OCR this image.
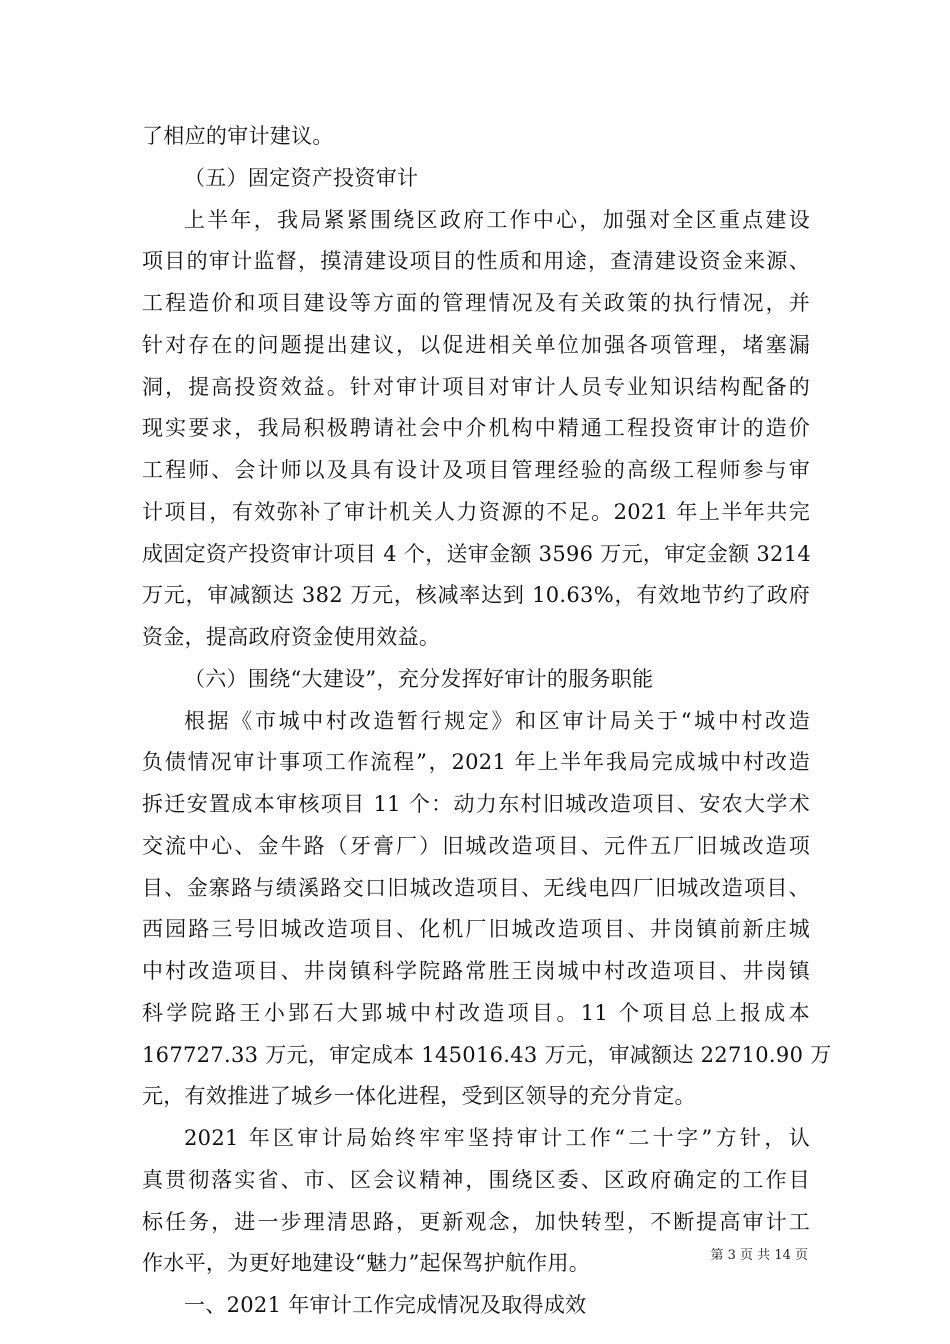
了相应的审计建议。
（五）固定资产投资审计
上半年，我局紧紧围绕区政府工作中心，加强对全区重点建设
项目的审计监督，摸清建设项目的性质和用途，查清建设资金来源、
工程造价和项目建设等方面的管理情况及有关政策的执行情况，并
针对存在的问题提出建议，以促进相关单位加强各项管理，堵塞漏
洞，提高投资效益。针对审计项目对审计人员专业知识结构配备的
现实要求，我局积极聘请社会中介机构中精通工程投资审计的造价
工程师、会计师以及具有设计及项目管理经验的高级工程师参与审
计项目，有效弥补了审计机关人力资源的不足。2021 年上半年共完
成固定资产投资审计项目 4 个，送审金额 3596 万元，审定金额 3214
万元，审减额达 382 万元，核减率达到 10.63%，有效地节约了政府
资金，提高政府资金使用效益。
（六）围绕“大建设”，充分发挥好审计的服务职能
根据《市城中村改造暂行规定》和区审计局关于“城中村改造
负债情况审计事项工作流程”，2021 年上半年我局完成城中村改造
拆迁安置成本审核项目 11 个：动力东村旧城改造项目、安农大学术
交流中心、金牛路（牙膏厂）旧城改造项目、元件五厂旧城改造项
目、金寨路与绩溪路交口旧城改造项目、无线电四厂旧城改造项目、
西园路三号旧城改造项目、化机厂旧城改造项目、井岗镇前新庄城
中村改造项目、井岗镇科学院路常胜王岗城中村改造项目、井岗镇
科学院路王小郢石大郢城中村改造项目。11 个项目总上报成本
167727.33 万元，审定成本 145016.43 万元，审减额达 22710.90 万
元，有效推进了城乡一体化进程，受到区领导的充分肯定。
2021 年区审计局始终牢牢坚持审计工作“二十字”方针，认
真贯彻落实省、市、区会议精神，围绕区委、区政府确定的工作目
标任务，进一步理清思路，更新观念，加快转型，不断提高审计工
作水平，为更好地建设“魅力”起保驾护航作用。
一、2021 年审计工作完成情况及取得成效
第 3 页 共 14 页
